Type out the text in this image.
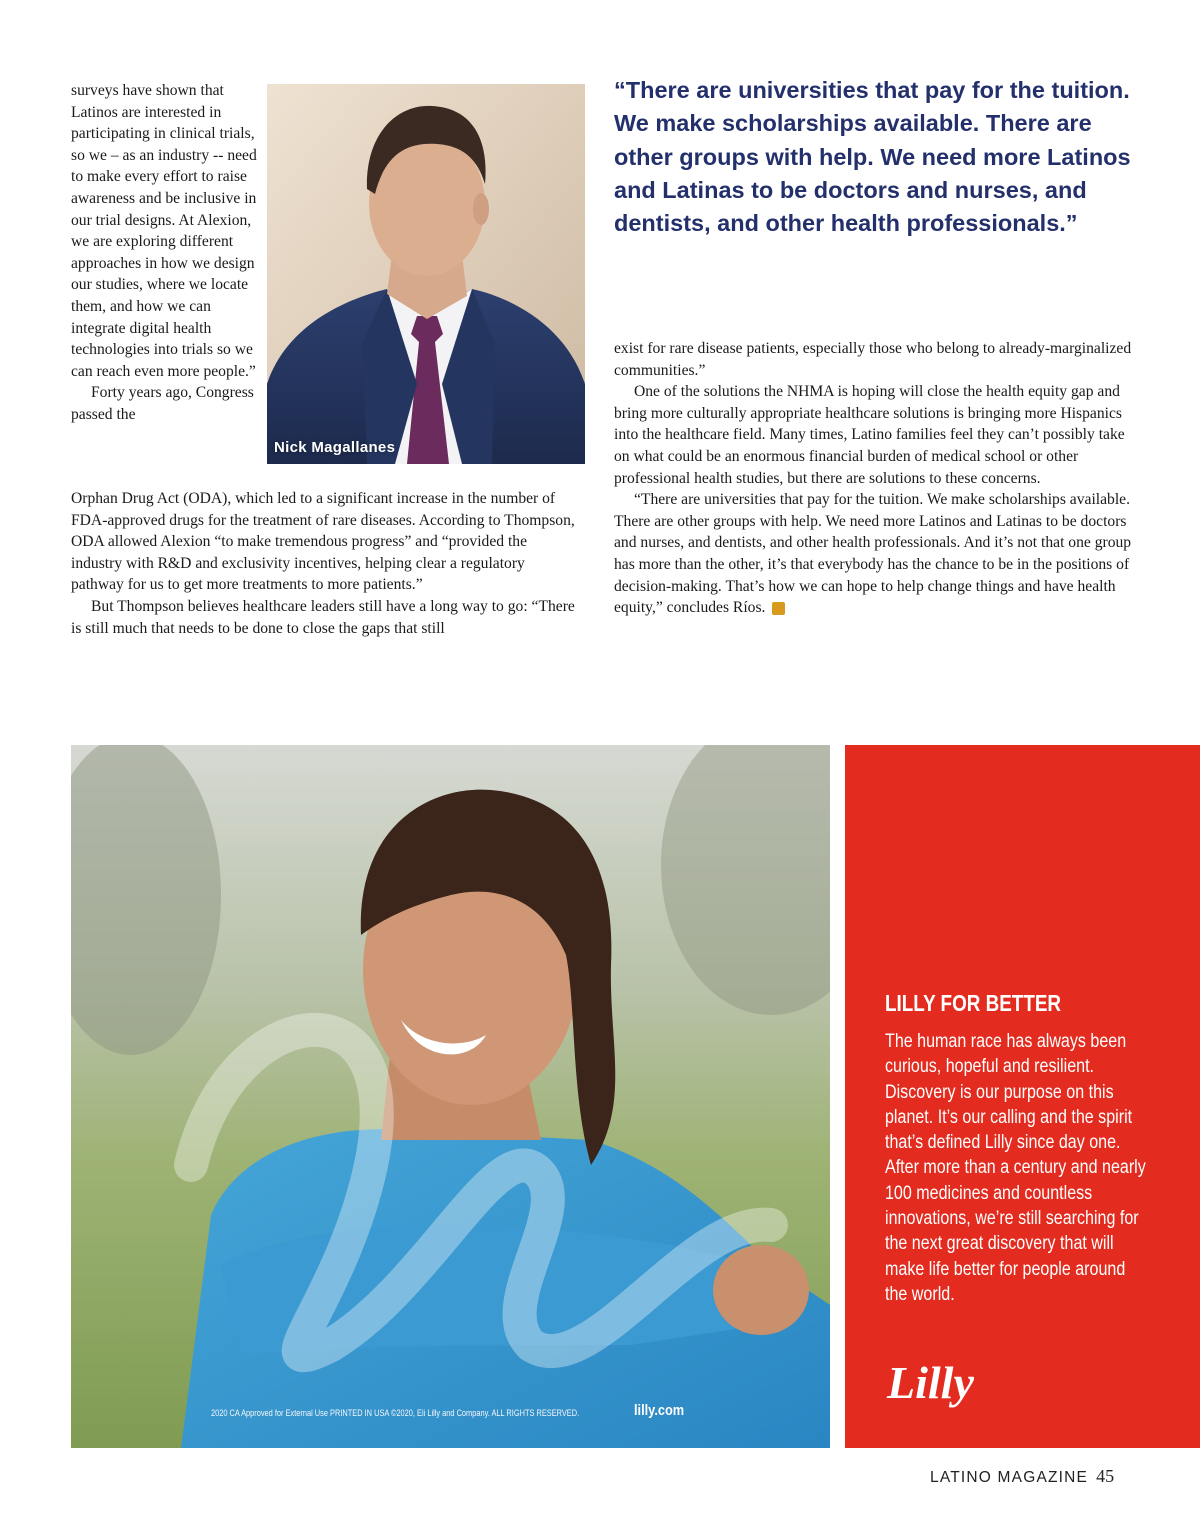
surveys have shown that Latinos are interested in participating in clinical trials, so we – as an industry -- need to make every effort to raise awareness and be inclusive in our trial designs. At Alexion, we are exploring different approaches in how we design our studies, where we locate them, and how we can integrate digital health technologies into trials so we can reach even more people.”

Forty years ago, Congress passed the

Orphan Drug Act (ODA), which led to a significant increase in the number of FDA-approved drugs for the treatment of rare diseases. According to Thompson, ODA allowed Alexion “to make tremendous progress” and “provided the industry with R&D and exclusivity incentives, helping clear a regulatory pathway for us to get more treatments to more patients.”

But Thompson believes healthcare leaders still have a long way to go: “There is still much that needs to be done to close the gaps that still

Nick Magallanes

“There are universities that pay for the tuition. We make scholarships available. There are other groups with help. We need more Latinos and Latinas to be doctors and nurses, and dentists, and other health professionals.”

exist for rare disease patients, especially those who belong to already-marginalized communities.”

One of the solutions the NHMA is hoping will close the health equity gap and bring more culturally appropriate healthcare solutions is bringing more Hispanics into the healthcare field. Many times, Latino families feel they can’t possibly take on what could be an enormous financial burden of medical school or other professional health studies, but there are solutions to these concerns.

“There are universities that pay for the tuition. We make scholarships available. There are other groups with help. We need more Latinos and Latinas to be doctors and nurses, and dentists, and other health professionals. And it’s not that one group has more than the other, it’s that everybody has the chance to be in the positions of decision-making. That’s how we can hope to help change things and have health equity,” concludes Ríos.	L

2020 CA Approved for External Use PRINTED IN USA ©2020, Eli Lilly and Company. ALL RIGHTS RESERVED.	lilly.com

LILLY FOR BETTER

The human race has always been curious, hopeful and resilient. Discovery is our purpose on this planet. It’s our calling and the spirit that’s defined Lilly since day one. After more than a century and nearly 100 medicines and countless innovations, we’re still searching for the next great discovery that will make life better for people around the world.

Lilly
LATINO MAGAZINE 45
